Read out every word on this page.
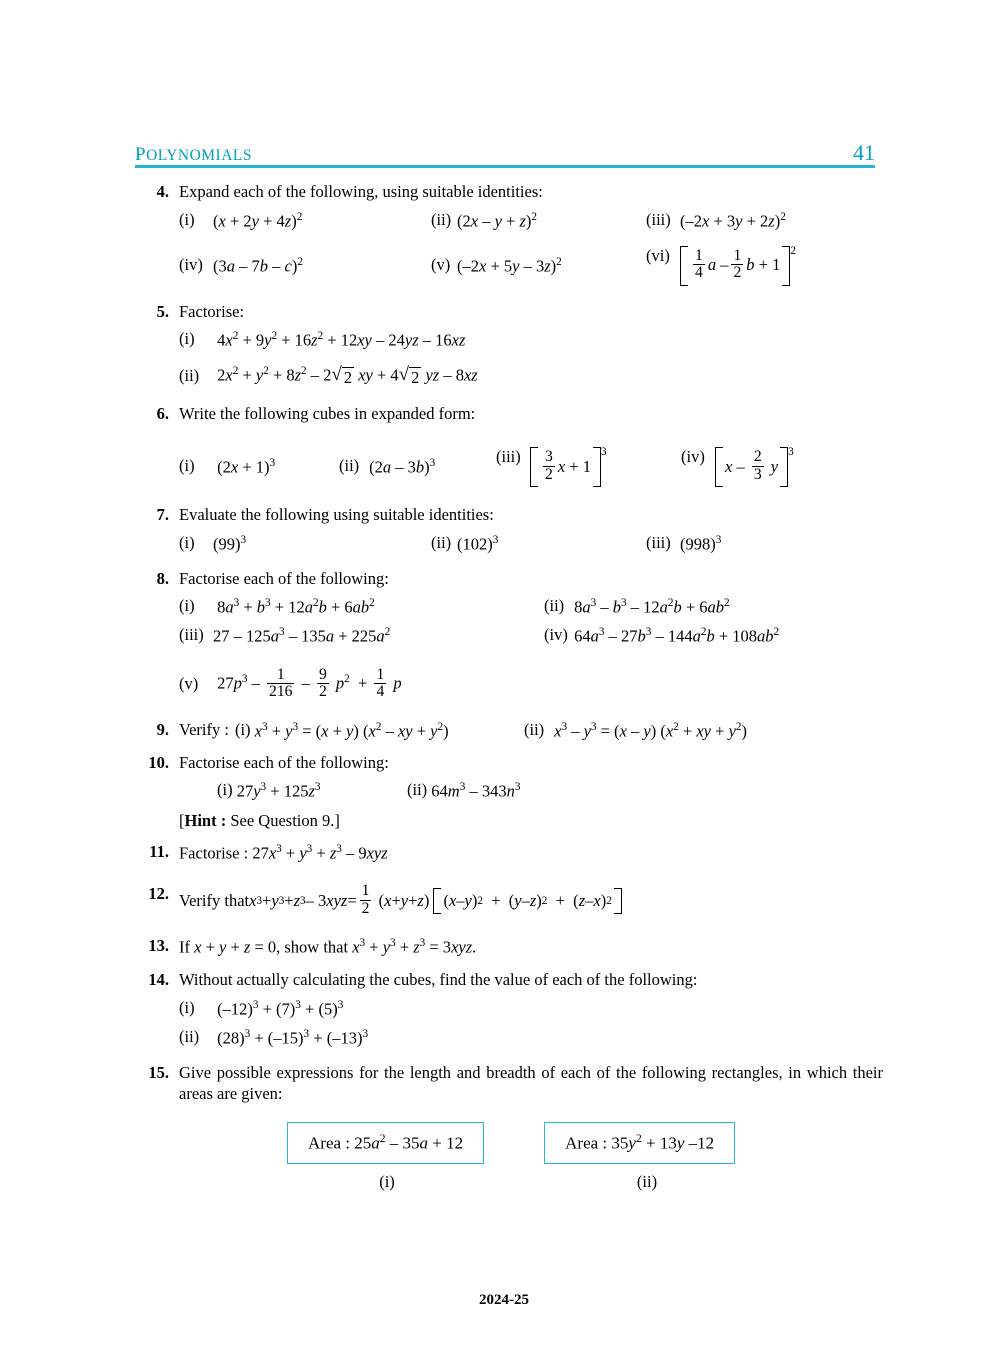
POLYNOMIALS	41
4. Expand each of the following, using suitable identities:
(i)	$(x + 2y + 4z)^2$	(ii) $(2x - y + z)^2$	(iii) $(-2x + 3y + 2z)^2$
(iv) (3a – 7b – c)$^2$	(v) $(-2x + 5y - 3z)^2$	(vi)	$\frac{1}{4}$ a – $\frac{1}{2}$ b + 1
$^2$
5. Factorise:
(i)	$4x^2 + 9y^2 + 16z^2 + 12xy - 24yz - 16xz$
(ii) $2x^2 + y^2 + 8z^2 - 2$ √ 2 xy + 4 √ 2 yz – 8xz
6. Write the following cubes in expanded form:
(i)	$(2x + 1)^3$	(ii) (2a – 3b)$^3$	(iii)	$\frac{3}{2}$ x + 1
$^3$	(iv)
x – $\frac{2}{3}$
y
$^3$
7. Evaluate the following using suitable identities:
(i)	$(99)^3$	(ii) $(102)^3$	(iii) $(998)^3$
8. Factorise each of the following:
(i)	$8a^3 + b^3 + 12a^2b + 6ab^2$	(ii) $8a^3 - b^3 - 12a^2b + 6ab^2$
(iii) $27 - 125a^3 - 135a + 225a^2$	(iv) $64a^3 - 27b^3 - 144a^2b + 108ab^2$
(v) $27p^3 - \frac{1}{216} - \frac{9}{2} p^2 + \frac{1}{4}$ p
9. Verify : (i) $x^3 + y^3 = (x + y)$ ($x^2$ – xy + $y^2$)	(ii) $x^3 - y^3 = (x - y) (x^2$ + xy + $y^2$)
10. Factorise each of the following:
(i) $27y^3 + 125z^3$	(ii) $64m^3 - 343n^3$
[Hint : See Question 9.]
11. Factorise : $27x^3 + y^3 + z^3 - 9xyz$
12. Verify that x 3 + y 3 + z 3 – 3 xyz = $\frac{1}{2}$ ( x + y + z ) ( x – y ) 2 +  ( y – z ) 2 +  ( z – x ) 2
13. If x + y + z = 0, show that $x^3 + y^3 + z^3 = 3xyz$.
14. Without actually calculating the cubes, find the value of each of the following:
(i)	$(-12)^3 + (7)^3 + (5)^3$
(ii) $(28)^3 + (-15)^3 + (-13)^3$
15. Give possible expressions for the length and breadth of each of the following rectangles, in which their areas are given:
Area : $25a^2 - 35a + 12$	Area : $35y^2 + 13y$ –12
(i)	(ii)
2024-25
